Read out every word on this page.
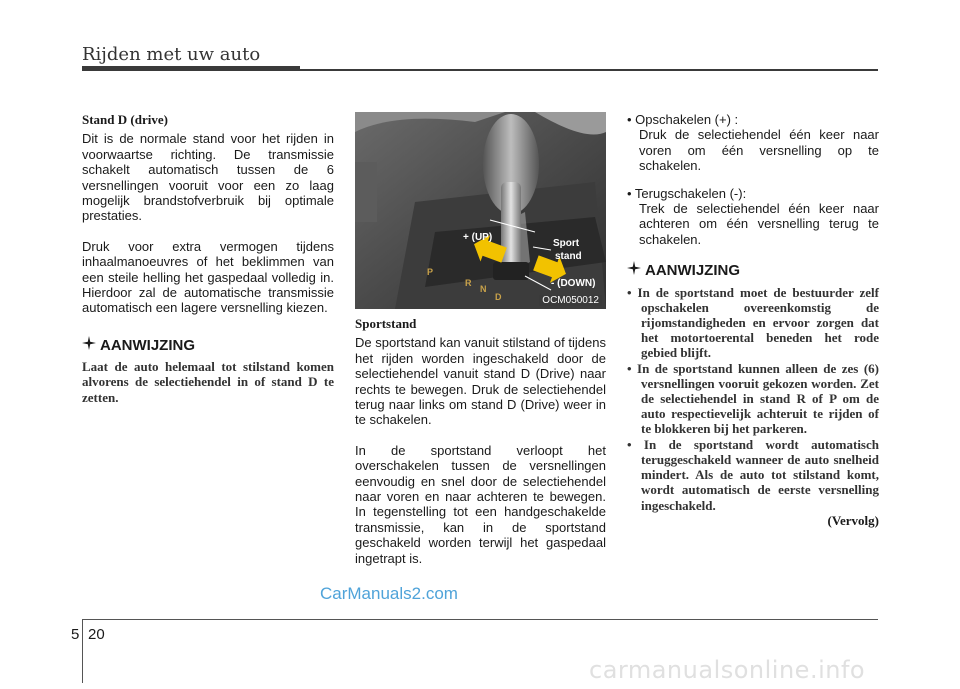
Rijden met uw auto
Stand D (drive)

Dit is de normale stand voor het rijden in voorwaartse richting. De transmissie schakelt automatisch tussen de 6 versnellingen vooruit voor een zo laag mogelijk brandstofverbruik bij optimale prestaties.

Druk voor extra vermogen tijdens inhaalmanoeuvres of het beklimmen van een steile helling het gaspedaal volledig in. Hierdoor zal de automatische transmissie automatisch een lagere versnelling kiezen.

AANWIJZING
Laat de auto helemaal tot stilstand komen alvorens de selectiehendel in of stand D te zetten.
P
R
N
D
+ (UP)
Sport
stand
- (DOWN)
OCM050012
Sportstand

De sportstand kan vanuit stilstand of tijdens het rijden worden ingeschakeld door de selectiehendel vanuit stand D (Drive) naar rechts te bewegen. Druk de selectiehendel terug naar links om stand D (Drive) weer in te schakelen.

In de sportstand verloopt het overschakelen tussen de versnellingen eenvoudig en snel door de selectiehendel naar voren en naar achteren te bewegen. In tegenstelling tot een handgeschakelde transmissie, kan in de sportstand geschakeld worden terwijl het gaspedaal ingetrapt is.

• Opschakelen (+) :

Druk de selectiehendel één keer naar voren om één versnelling op te schakelen.

• Terugschakelen (-):

Trek de selectiehendel één keer naar achteren om één versnelling terug te schakelen.

AANWIJZING
• In de sportstand moet de bestuurder zelf opschakelen overeenkomstig de rijomstandigheden en ervoor zorgen dat het motortoerental beneden het rode gebied blijft.
• In de sportstand kunnen alleen de zes (6) versnellingen vooruit gekozen worden. Zet de selectiehendel in stand R of P om de auto respectievelijk achteruit te rijden of te blokkeren bij het parkeren.
• In de sportstand wordt automatisch teruggeschakeld wanneer de auto snelheid mindert. Als de auto tot stilstand komt, wordt automatisch de eerste versnelling ingeschakeld.
(Vervolg)
5 20
CarManuals2.com
carmanualsonline.info
